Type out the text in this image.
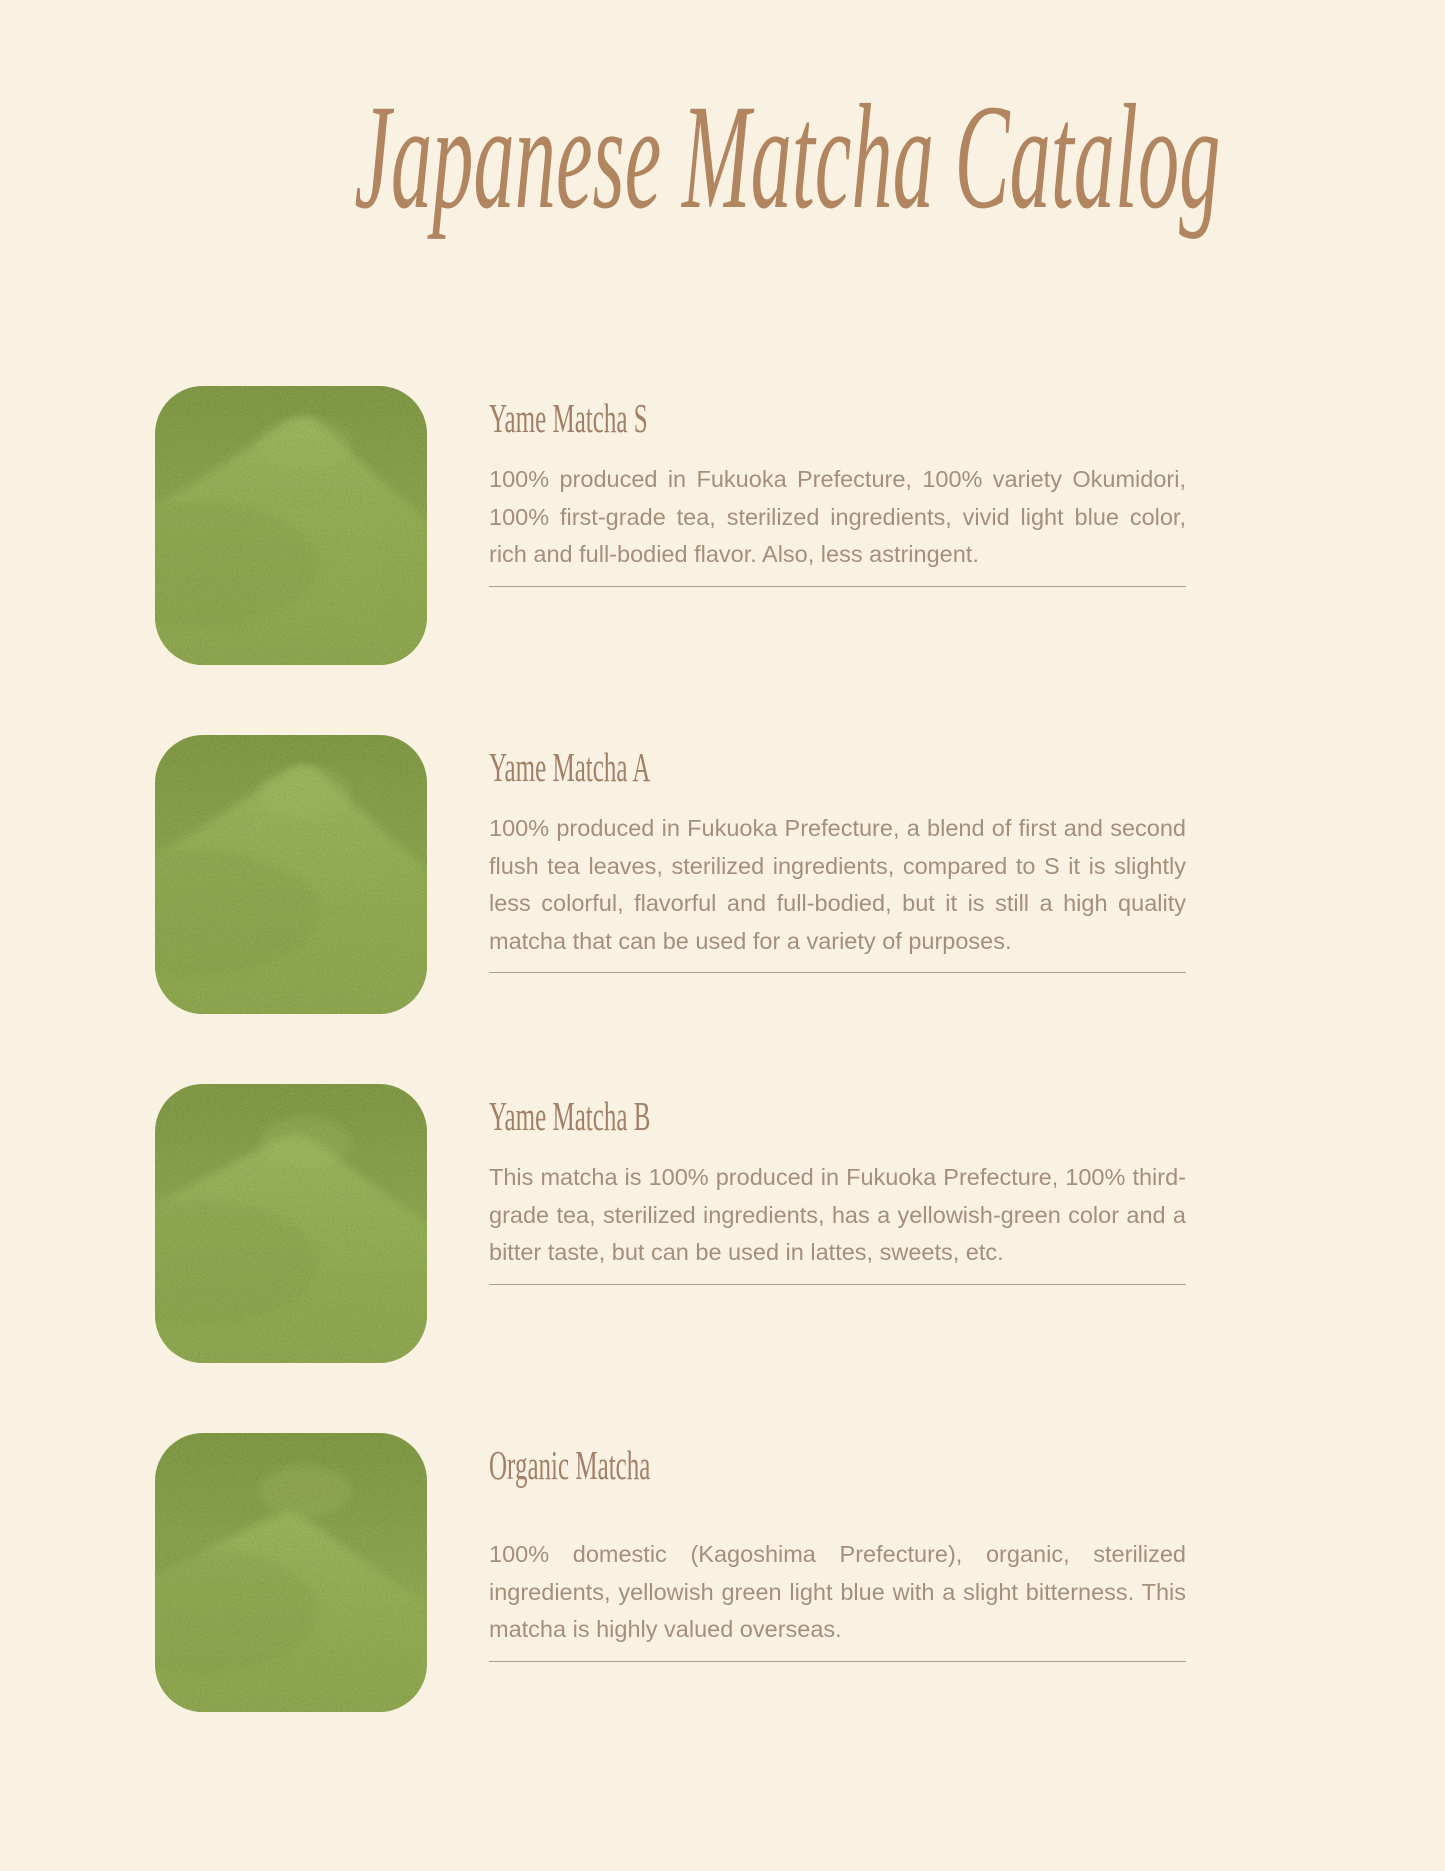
Japanese Matcha Catalog
Yame Matcha S

100% produced in Fukuoka Prefecture, 100% variety Okumidori, 100% first-grade tea, sterilized ingredients, vivid light blue color, rich and full-bodied flavor. Also, less astringent.

Yame Matcha A

100% produced in Fukuoka Prefecture, a blend of first and second flush tea leaves, sterilized ingredients, compared to S it is slightly less colorful, flavorful and full-bodied, but it is still a high quality matcha that can be used for a variety of purposes.

Yame Matcha B

This matcha is 100% produced in Fukuoka Prefecture, 100% third-grade tea, sterilized ingredients, has a yellowish-green color and a bitter taste, but can be used in lattes, sweets, etc.

Organic Matcha

100% domestic (Kagoshima Prefecture), organic, sterilized ingredients, yellowish green light blue with a slight bitterness. This matcha is highly valued overseas.
